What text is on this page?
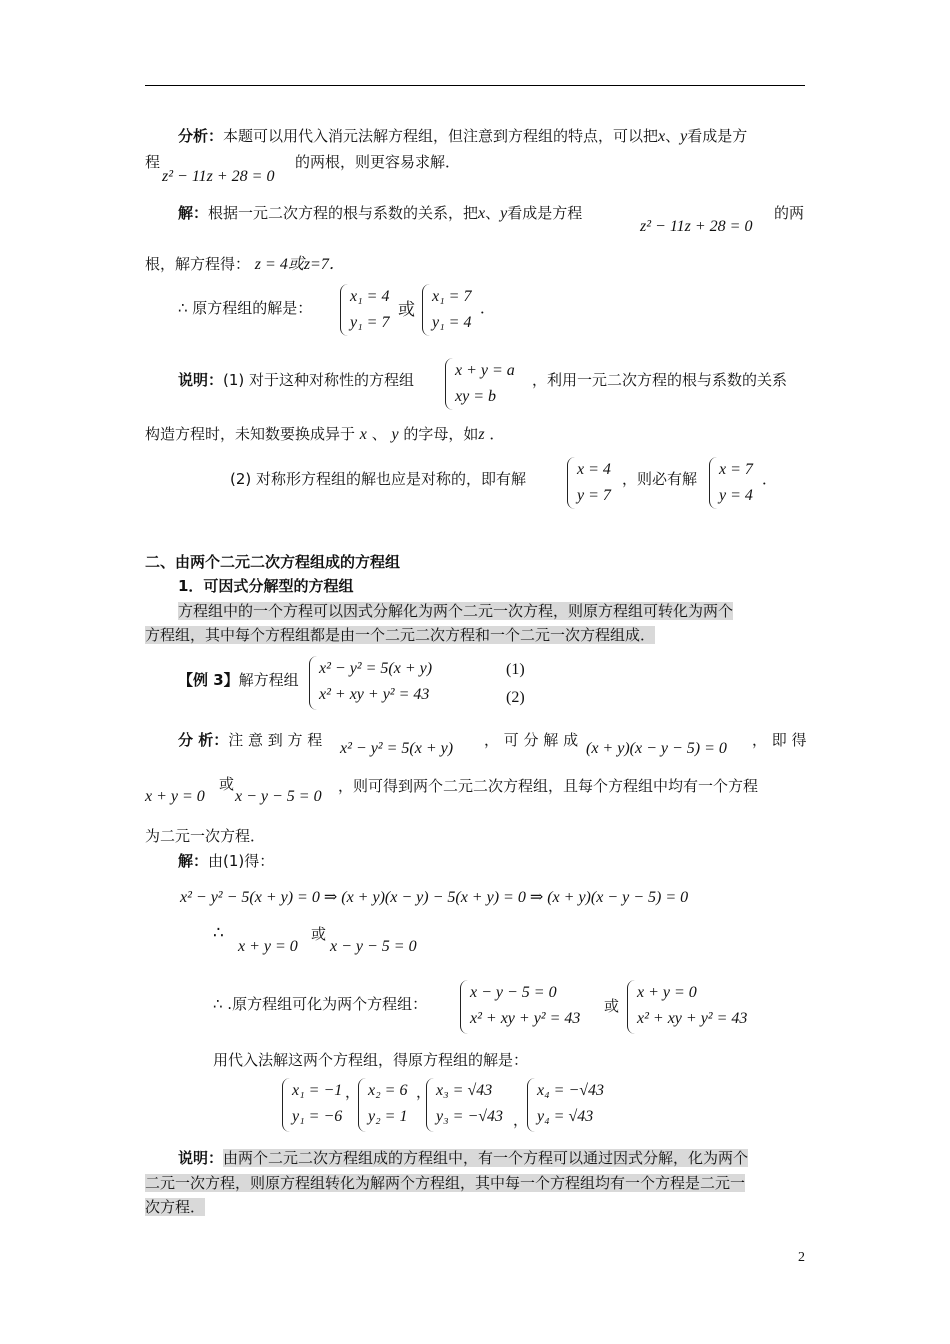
分析：本题可以用代入消元法解方程组，但注意到方程组的特点，可以把x、y看成是方
程
z² − 11z + 28 = 0
的两根，则更容易求解．
解：根据一元二次方程的根与系数的关系，把x、y看成是方程
z² − 11z + 28 = 0
的两
根，解方程得： z = 4或z=7．
∴ 原方程组的解是：
x₁ = 4
y₁ = 7
或
x₁ = 7
y₁ = 4
．
说明：(1) 对于这种对称性的方程组
x + y = a
xy = b
，利用一元二次方程的根与系数的关系
构造方程时，未知数要换成异于 x 、 y 的字母，如z ．
(2) 对称形方程组的解也应是对称的，即有解
x = 4
y = 7
，则必有解
x = 7
y = 4
．
二、由两个二元二次方程组成的方程组
1．可因式分解型的方程组
方程组中的一个方程可以因式分解化为两个二元一次方程，则原方程组可转化为两个
方程组，其中每个方程组都是由一个二元二次方程和一个二元一次方程组成．
【例 3】解方程组
x² − y² = 5(x + y)
x² + xy + y² = 43
(1)
(2)
分 析：注 意 到 方 程 x² − y² = 5(x + y) ， 可 分 解 成 (x + y)(x − y − 5) = 0 ， 即 得
x + y = 0
或
x − y − 5 = 0
，则可得到两个二元二次方程组，且每个方程组中均有一个方程
为二元一次方程．
解：由(1)得：
x² − y² − 5(x + y) = 0 ⇒ (x + y)(x − y) − 5(x + y) = 0 ⇒ (x + y)(x − y − 5) = 0
∴
x + y = 0
或
x − y − 5 = 0
∴ .原方程组可化为两个方程组：
x − y − 5 = 0
x² + xy + y² = 43
或
x + y = 0
x² + xy + y² = 43
用代入法解这两个方程组，得原方程组的解是：
x₁ = −1
y₁ = −6
， x₂ = 6
y₂ = 1
， x₃ = √43
y₃ = −√43 ，
x₄ = −√43
y₄ = √43
说明：由两个二元二次方程组成的方程组中，有一个方程可以通过因式分解，化为两个
二元一次方程，则原方程组转化为解两个方程组，其中每一个方程组均有一个方程是二元一
次方程．
2
